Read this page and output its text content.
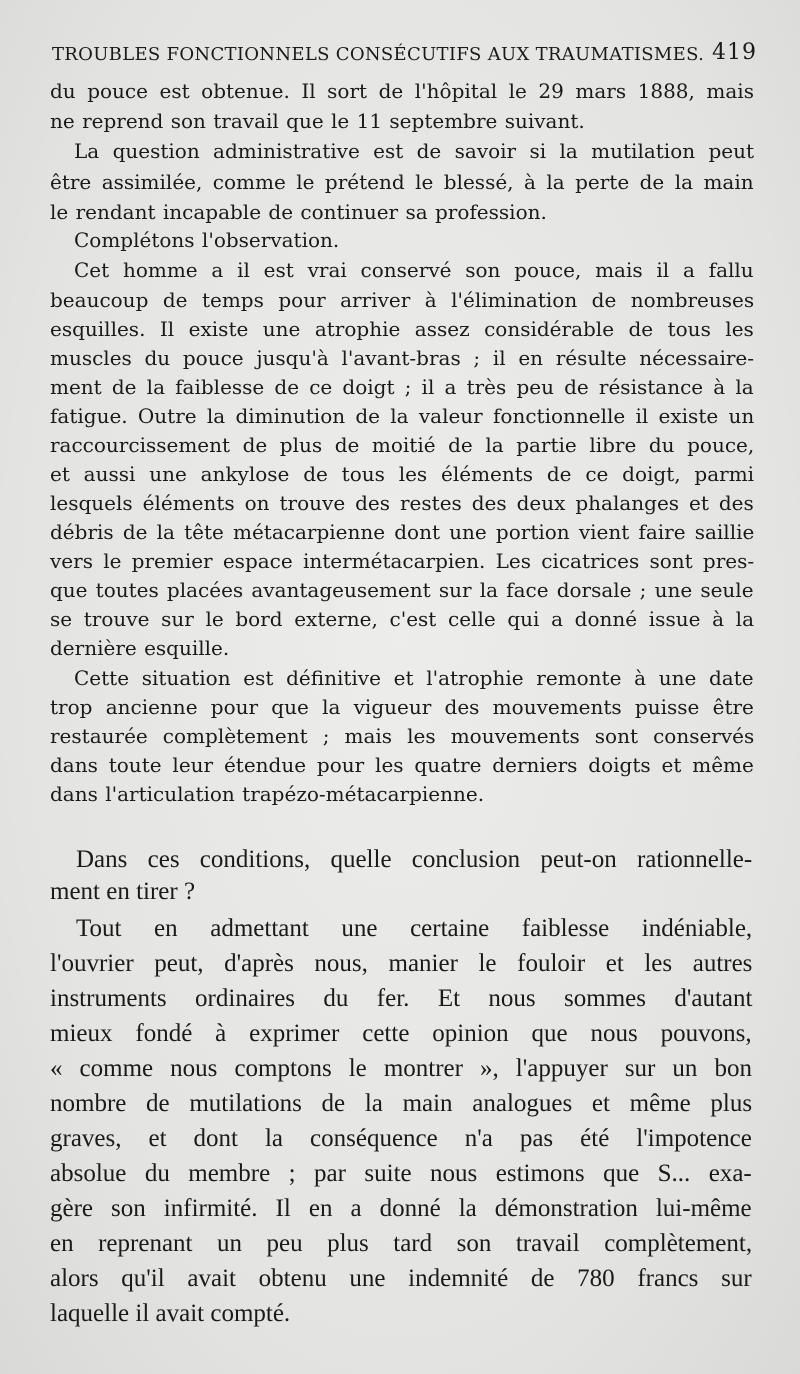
TROUBLES FONCTIONNELS CONSÉCUTIFS AUX TRAUMATISMES. 419
du pouce est obtenue. Il sort de l'hôpital le 29 mars 1888, mais
ne reprend son travail que le 11 septembre suivant.
La question administrative est de savoir si la mutilation peut
être assimilée, comme le prétend le blessé, à la perte de la main
le rendant incapable de continuer sa profession.
Complétons l'observation.
Cet homme a il est vrai conservé son pouce, mais il a fallu
beaucoup de temps pour arriver à l'élimination de nombreuses
esquilles. Il existe une atrophie assez considérable de tous les
muscles du pouce jusqu'à l'avant-bras ; il en résulte nécessaire-
ment de la faiblesse de ce doigt ; il a très peu de résistance à la
fatigue. Outre la diminution de la valeur fonctionnelle il existe un
raccourcissement de plus de moitié de la partie libre du pouce,
et aussi une ankylose de tous les éléments de ce doigt, parmi
lesquels éléments on trouve des restes des deux phalanges et des
débris de la tête métacarpienne dont une portion vient faire saillie
vers le premier espace intermétacarpien. Les cicatrices sont pres-
que toutes placées avantageusement sur la face dorsale ; une seule
se trouve sur le bord externe, c'est celle qui a donné issue à la
dernière esquille.
Cette situation est définitive et l'atrophie remonte à une date
trop ancienne pour que la vigueur des mouvements puisse être
restaurée complètement ; mais les mouvements sont conservés
dans toute leur étendue pour les quatre derniers doigts et même
dans l'articulation trapézo-métacarpienne.
Dans ces conditions, quelle conclusion peut-on rationnelle-
ment en tirer ?
Tout en admettant une certaine faiblesse indéniable,
l'ouvrier peut, d'après nous, manier le fouloir et les autres
instruments ordinaires du fer. Et nous sommes d'autant
mieux fondé à exprimer cette opinion que nous pouvons,
« comme nous comptons le montrer », l'appuyer sur un bon
nombre de mutilations de la main analogues et même plus
graves, et dont la conséquence n'a pas été l'impotence
absolue du membre ; par suite nous estimons que S... exa-
gère son infirmité. Il en a donné la démonstration lui-même
en reprenant un peu plus tard son travail complètement,
alors qu'il avait obtenu une indemnité de 780 francs sur
laquelle il avait compté.
